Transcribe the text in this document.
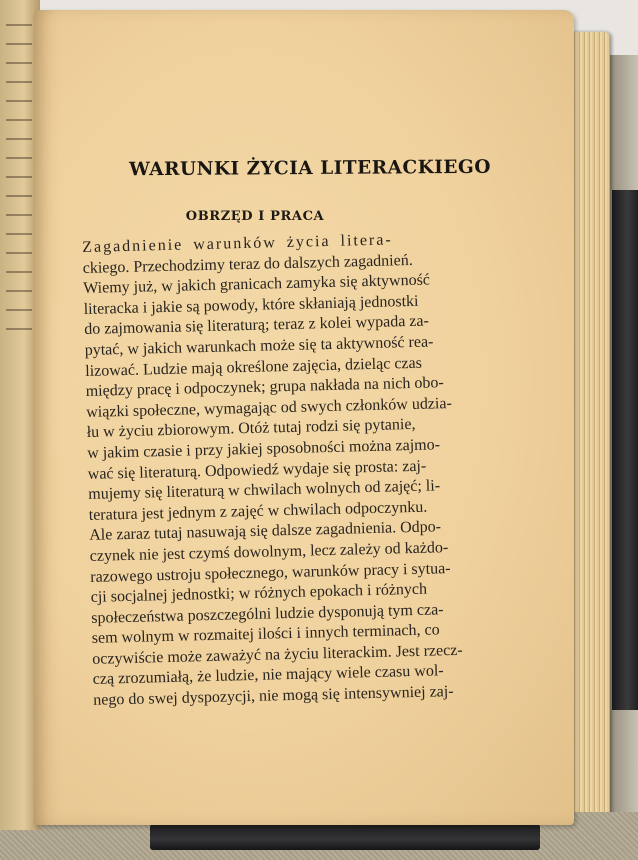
WARUNKI ŻYCIA LITERACKIEGO
OBRZĘD I PRACA
Zagadnienie warunków życia litera-
ckiego. Przechodzimy teraz do dalszych zagadnień.
Wiemy już, w jakich granicach zamyka się aktywność
literacka i jakie są powody, które skłaniają jednostki
do zajmowania się literaturą; teraz z kolei wypada za-
pytać, w jakich warunkach może się ta aktywność rea-
lizować. Ludzie mają określone zajęcia, dzieląc czas
między pracę i odpoczynek; grupa nakłada na nich obo-
wiązki społeczne, wymagając od swych członków udzia-
łu w życiu zbiorowym. Otóż tutaj rodzi się pytanie,
w jakim czasie i przy jakiej sposobności można zajmo-
wać się literaturą. Odpowiedź wydaje się prosta: zaj-
mujemy się literaturą w chwilach wolnych od zajęć; li-
teratura jest jednym z zajęć w chwilach odpoczynku.
Ale zaraz tutaj nasuwają się dalsze zagadnienia. Odpo-
czynek nie jest czymś dowolnym, lecz zależy od każdo-
razowego ustroju społecznego, warunków pracy i sytua-
cji socjalnej jednostki; w różnych epokach i różnych
społeczeństwa poszczególni ludzie dysponują tym cza-
sem wolnym w rozmaitej ilości i innych terminach, co
oczywiście może zaważyć na życiu literackim. Jest rzecz-
czą zrozumiałą, że ludzie, nie mający wiele czasu wol-
nego do swej dyspozycji, nie mogą się intensywniej zaj-
